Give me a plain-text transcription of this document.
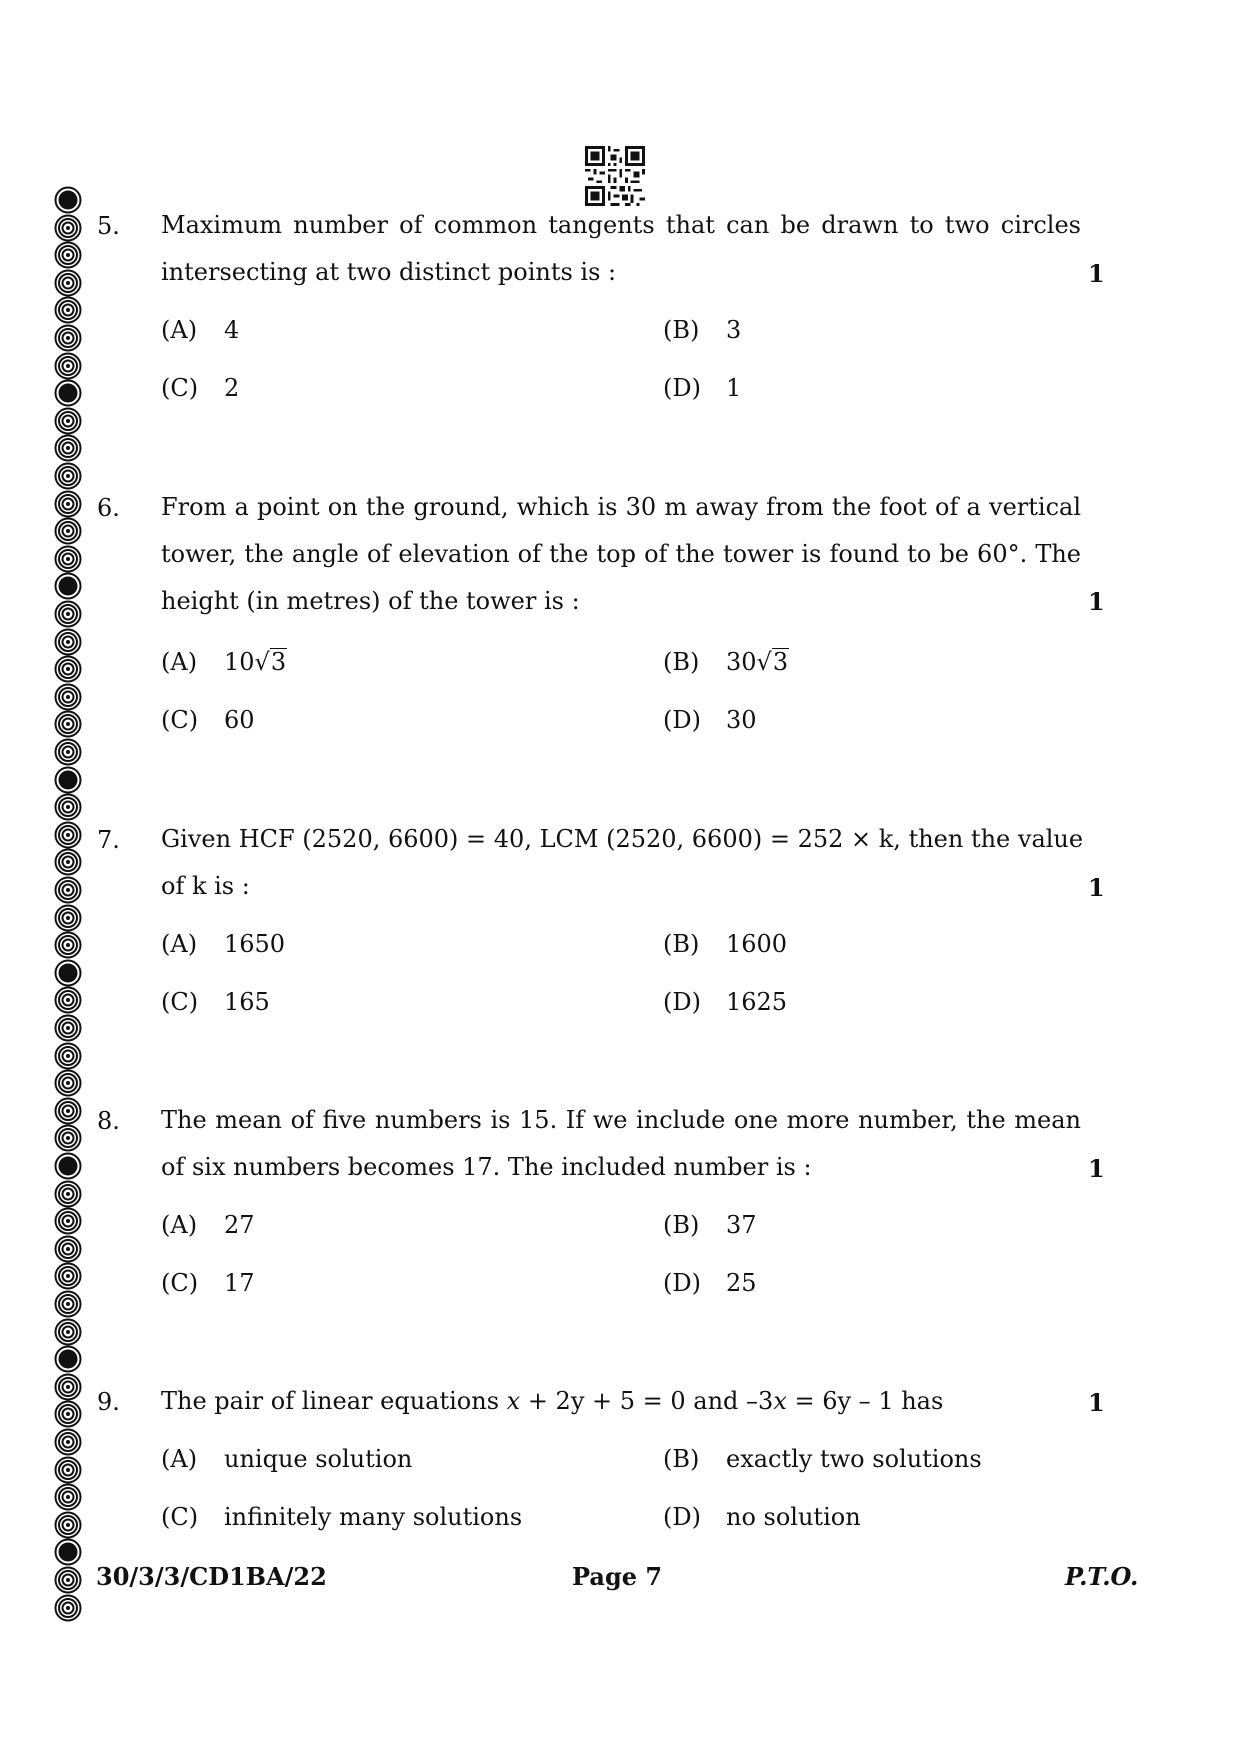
5. Maximum number of common tangents that can be drawn to two circles
intersecting at two distinct points is :	1
(A) 4	(B) 3
(C) 2	(D) 1
6. From a point on the ground, which is 30 m away from the foot of a vertical
tower, the angle of elevation of the top of the tower is found to be 60°. The
height (in metres) of the tower is :	1
(A) 10√3	(B) 30√3
(C) 60	(D) 30
7. Given HCF (2520, 6600) = 40, LCM (2520, 6600) = 252 × k, then the value
of k is :	1
(A) 1650	(B) 1600
(C) 165	(D) 1625
8. The mean of five numbers is 15. If we include one more number, the mean
of six numbers becomes 17. The included number is :	1
(A) 27	(B) 37
(C) 17	(D) 25
9. The pair of linear equations x + 2y + 5 = 0 and –3x = 6y – 1 has	1
(A) unique solution	(B) exactly two solutions
(C) infinitely many solutions	(D) no solution
30/3/3/CD1BA/22	Page 7	P.T.O.
